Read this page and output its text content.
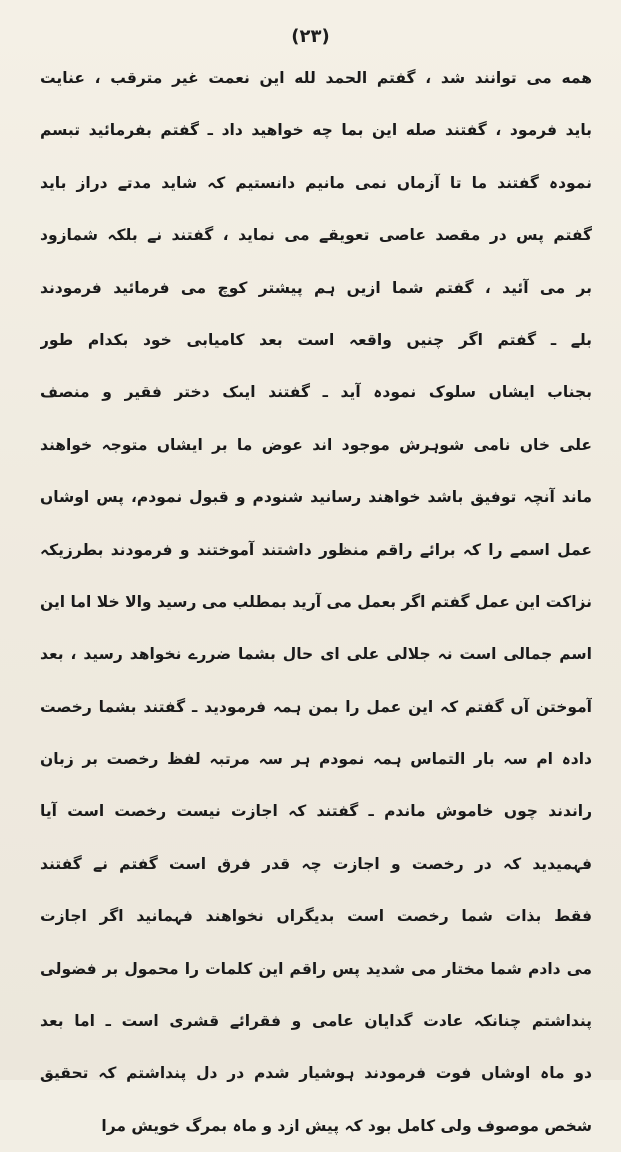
(۲۳)
همه می توانند شد ، گفتم الحمد لله این نعمت غیر مترقب ، عنایت
باید فرمود ، گفتند صله این بما چه خواهید داد ـ گفتم بفرمائید تبسم
نمودہ گفتند ما تا آزماں نمی مانیم دانستیم کہ شاید مدتے دراز باید
گفتم پس در مقصد عاصی تعویقے می نماید ، گفتند نے بلکہ شمازود
بر می آئید ، گفتم شما ازیں ہم پیشتر کوچ می فرمائید فرمودند
بلے ـ گفتم اگر چنیں واقعہ است بعد کامیابی خود بکدام طور
بجناب ایشاں سلوک نمودہ آید ـ گفتند ایںک دختر فقیر و منصف
علی خاں نامی شوہرش موجود اند عوض ما بر ایشاں متوجہ خواهند
ماند آنچہ توفیق باشد خواهند رسانید شنودم و قبول نمودم، پس اوشاں
عمل اسمے را کہ برائے راقم منظور داشتند آموختند و فرمودند بطرزیکہ
نزاکت این عمل گفتم اگر بعمل می آرید بمطلب می رسید والا خلا اما این
اسم جمالی است نہ جلالی علی ای حال بشما ضررے نخواهد رسید ، بعد
آموختن آں گفتم کہ این عمل را بمن ہمہ فرمودید ـ گفتند بشما رخصت
دادہ ام سہ بار التماس ہمہ نمودم ہر سہ مرتبہ لفظ رخصت بر زبان
راندند چوں خاموش ماندم ـ گفتند کہ اجازت نیست رخصت است آیا
فہمیدید کہ در رخصت و اجازت چہ قدر فرق است گفتم نے گفتند
فقط بذات شما رخصت است بدیگراں نخواهند فہمانید اگر اجازت
می دادم شما مختار می شدید پس راقم این کلمات را محمول بر فضولی
پنداشتم چنانکہ عادت گدایان عامی و فقرائے قشری است ـ اما بعد
دو ماہ اوشاں فوت فرمودند ہوشیار شدم در دل پنداشتم کہ تحقیق
شخص موصوف ولی کامل بود کہ پیش ازد و ماہ بمرگ خویش مرا
